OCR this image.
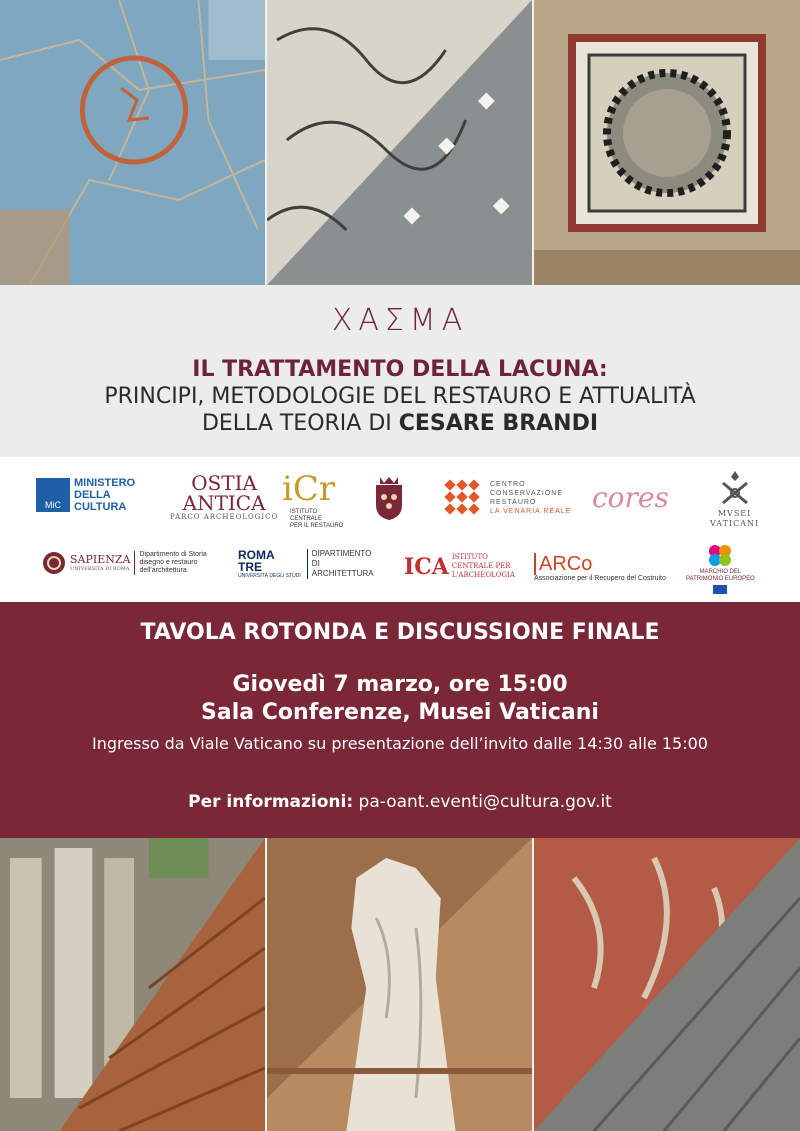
ΧΑΣΜΑ
IL TRATTAMENTO DELLA LACUNA:
PRINCIPI, METODOLOGIE DEL RESTAURO E ATTUALITÀ
DELLA TEORIA DI CESARE BRANDI
MiC
MINISTERO
DELLA
CULTURA
OSTIA
ANTICA
PARCO ARCHEOLOGICO
iCr
ISTITUTO
CENTRALE
PER IL RESTAURO
CENTRO
CONSERVAZIONE
RESTAURO
LA VENARIA REALE cores	MVSEI
VATICANI
SAPIENZA
UNIVERSITÀ DI ROMA
Dipartimento di Storia
disegno e restauro
dell'architettura
ROMA
TRE
UNIVERSITÀ DEGLI STUDI
DIPARTIMENTO
DI
ARCHITETTURA ICA ISTITUTO
CENTRALE PER
L'ARCHEOLOGIA ARCo
Associazione per il Recupero del Costruito
MARCHIO DEL
PATRIMONIO EUROPEO
TAVOLA ROTONDA E DISCUSSIONE FINALE
Giovedì 7 marzo, ore 15:00
Sala Conferenze, Musei Vaticani
Ingresso da Viale Vaticano su presentazione dell’invito dalle 14:30 alle 15:00
Per informazioni: pa-oant.eventi@cultura.gov.it
